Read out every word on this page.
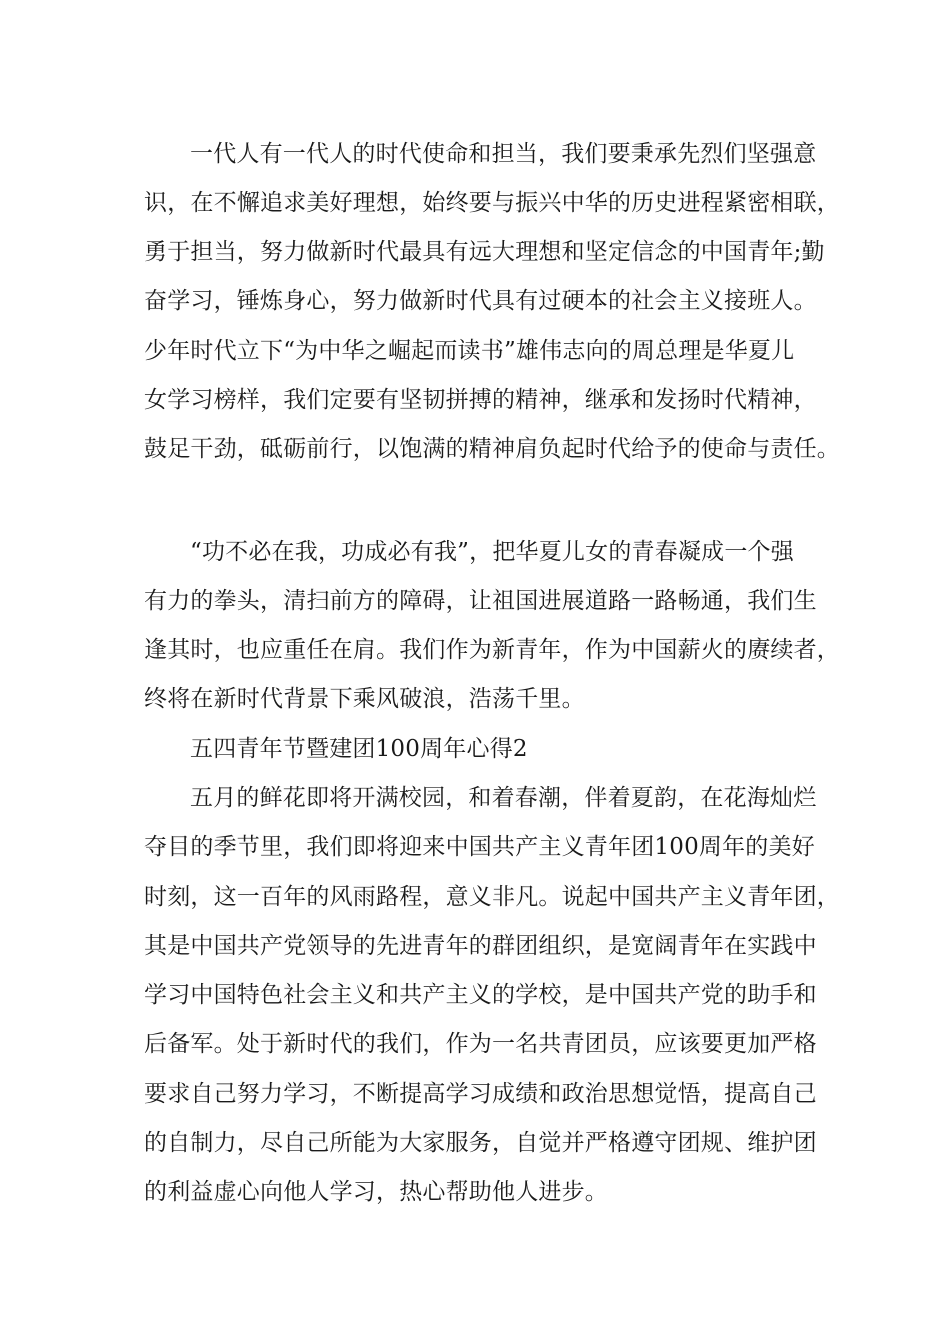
一代人有一代人的时代使命和担当，我们要秉承先烈们坚强意
识，在不懈追求美好理想，始终要与振兴中华的历史进程紧密相联，
勇于担当，努力做新时代最具有远大理想和坚定信念的中国青年;勤
奋学习，锤炼身心，努力做新时代具有过硬本的社会主义接班人。
少年时代立下“为中华之崛起而读书”雄伟志向的周总理是华夏儿
女学习榜样，我们定要有坚韧拼搏的精神，继承和发扬时代精神，
鼓足干劲，砥砺前行，以饱满的精神肩负起时代给予的使命与责任。
“功不必在我，功成必有我”，把华夏儿女的青春凝成一个强
有力的拳头，清扫前方的障碍，让祖国进展道路一路畅通，我们生
逢其时，也应重任在肩。我们作为新青年，作为中国薪火的赓续者，
终将在新时代背景下乘风破浪，浩荡千里。
五四青年节暨建团100周年心得2
五月的鲜花即将开满校园，和着春潮，伴着夏韵，在花海灿烂
夺目的季节里，我们即将迎来中国共产主义青年团100周年的美好
时刻，这一百年的风雨路程，意义非凡。说起中国共产主义青年团，
其是中国共产党领导的先进青年的群团组织，是宽阔青年在实践中
学习中国特色社会主义和共产主义的学校，是中国共产党的助手和
后备军。处于新时代的我们，作为一名共青团员，应该要更加严格
要求自己努力学习，不断提高学习成绩和政治思想觉悟，提高自己
的自制力，尽自己所能为大家服务，自觉并严格遵守团规、维护团
的利益虚心向他人学习，热心帮助他人进步。
